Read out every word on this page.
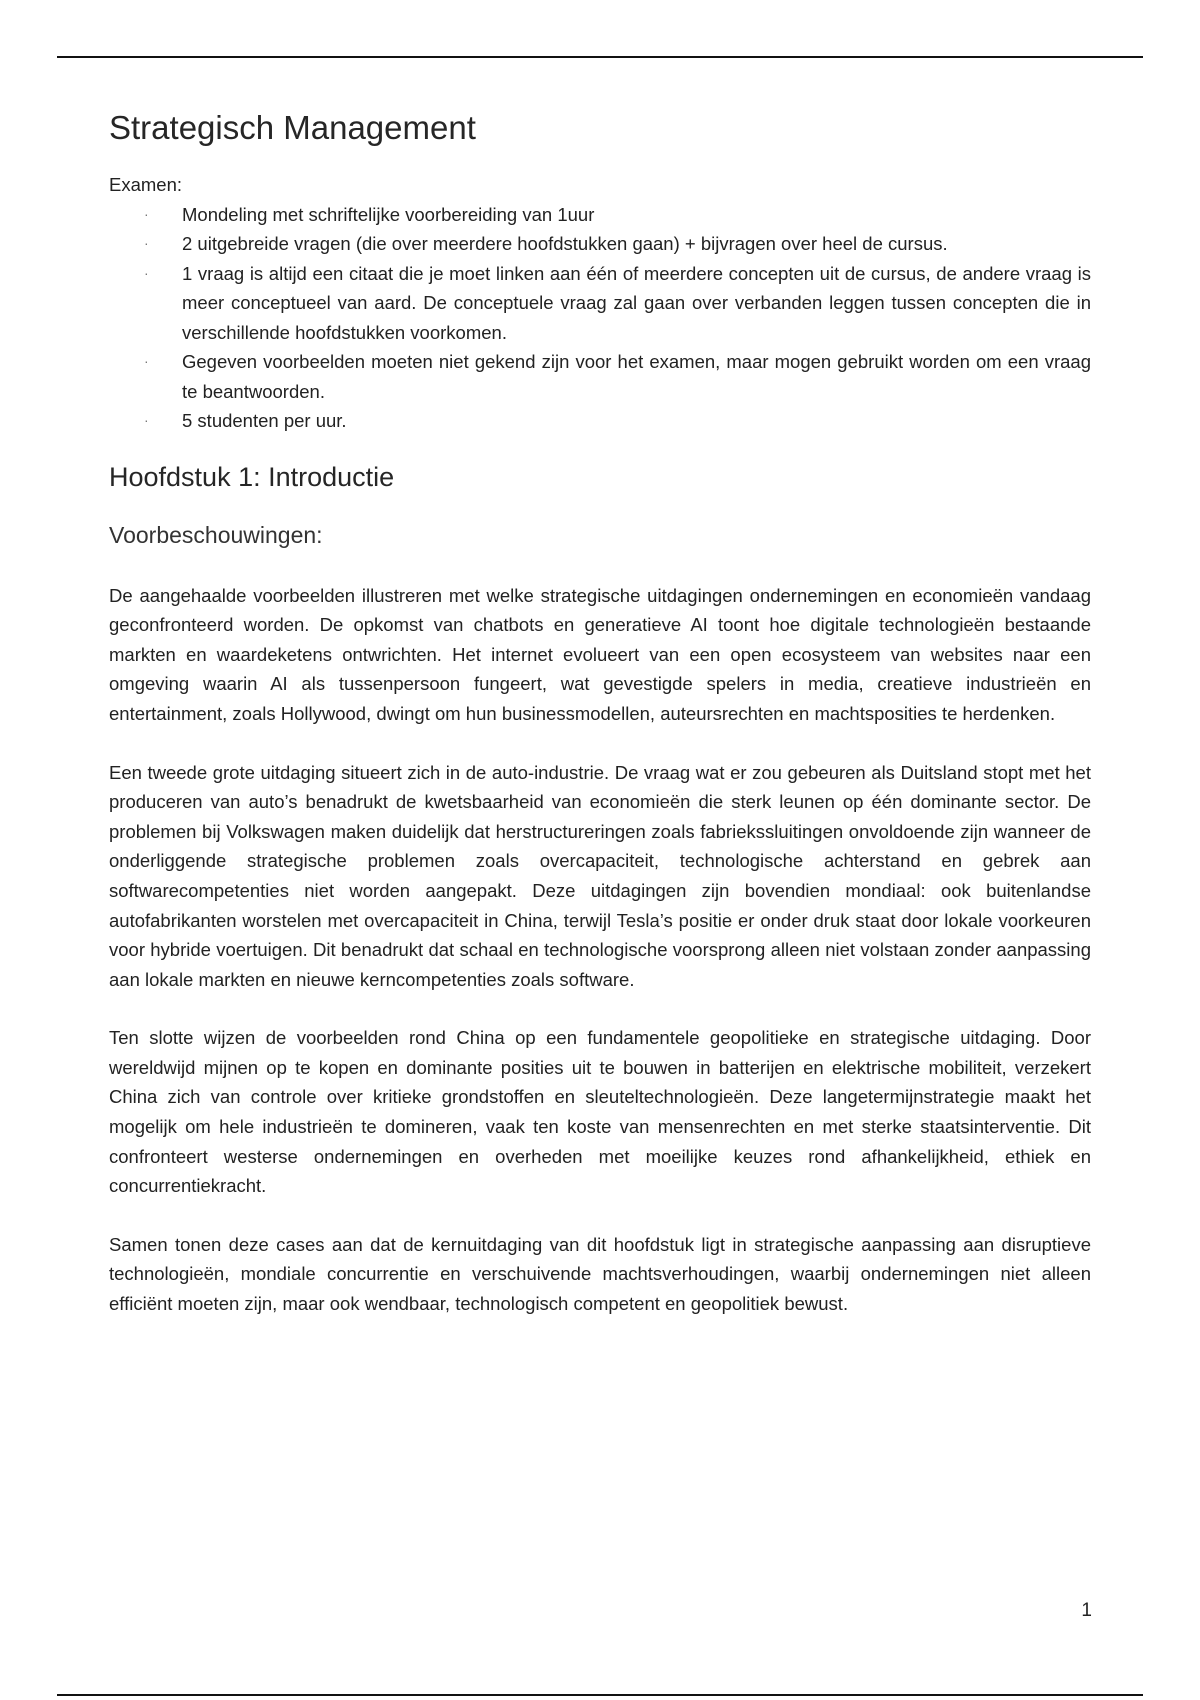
Strategisch Management

Examen:

· Mondeling met schriftelijke voorbereiding van 1uur
· 2 uitgebreide vragen (die over meerdere hoofdstukken gaan) + bijvragen over heel de cursus.
· 1 vraag is altijd een citaat die je moet linken aan één of meerdere concepten uit de cursus, de andere vraag is meer conceptueel van aard. De conceptuele vraag zal gaan over verbanden leggen tussen concepten die in verschillende hoofdstukken voorkomen.
· Gegeven voorbeelden moeten niet gekend zijn voor het examen, maar mogen gebruikt worden om een vraag te beantwoorden.
· 5 studenten per uur.
Hoofdstuk 1: Introductie
Voorbeschouwingen:

De aangehaalde voorbeelden illustreren met welke strategische uitdagingen ondernemingen en economieën vandaag geconfronteerd worden. De opkomst van chatbots en generatieve AI toont hoe digitale technologieën bestaande markten en waardeketens ontwrichten. Het internet evolueert van een open ecosysteem van websites naar een omgeving waarin AI als tussenpersoon fungeert, wat gevestigde spelers in media, creatieve industrieën en entertainment, zoals Hollywood, dwingt om hun businessmodellen, auteursrechten en machtsposities te herdenken.

Een tweede grote uitdaging situeert zich in de auto-industrie. De vraag wat er zou gebeuren als Duitsland stopt met het produceren van auto’s benadrukt de kwetsbaarheid van economieën die sterk leunen op één dominante sector. De problemen bij Volkswagen maken duidelijk dat herstructureringen zoals fabriekssluitingen onvoldoende zijn wanneer de onderliggende strategische problemen zoals overcapaciteit, technologische achterstand en gebrek aan softwarecompetenties niet worden aangepakt. Deze uitdagingen zijn bovendien mondiaal: ook buitenlandse autofabrikanten worstelen met overcapaciteit in China, terwijl Tesla’s positie er onder druk staat door lokale voorkeuren voor hybride voertuigen. Dit benadrukt dat schaal en technologische voorsprong alleen niet volstaan zonder aanpassing aan lokale markten en nieuwe kerncompetenties zoals software.

Ten slotte wijzen de voorbeelden rond China op een fundamentele geopolitieke en strategische uitdaging. Door wereldwijd mijnen op te kopen en dominante posities uit te bouwen in batterijen en elektrische mobiliteit, verzekert China zich van controle over kritieke grondstoffen en sleuteltechnologieën. Deze langetermijnstrategie maakt het mogelijk om hele industrieën te domineren, vaak ten koste van mensenrechten en met sterke staatsinterventie. Dit confronteert westerse ondernemingen en overheden met moeilijke keuzes rond afhankelijkheid, ethiek en concurrentiekracht.

Samen tonen deze cases aan dat de kernuitdaging van dit hoofdstuk ligt in strategische aanpassing aan disruptieve technologieën, mondiale concurrentie en verschuivende machtsverhoudingen, waarbij ondernemingen niet alleen efficiënt moeten zijn, maar ook wendbaar, technologisch competent en geopolitiek bewust.

1
